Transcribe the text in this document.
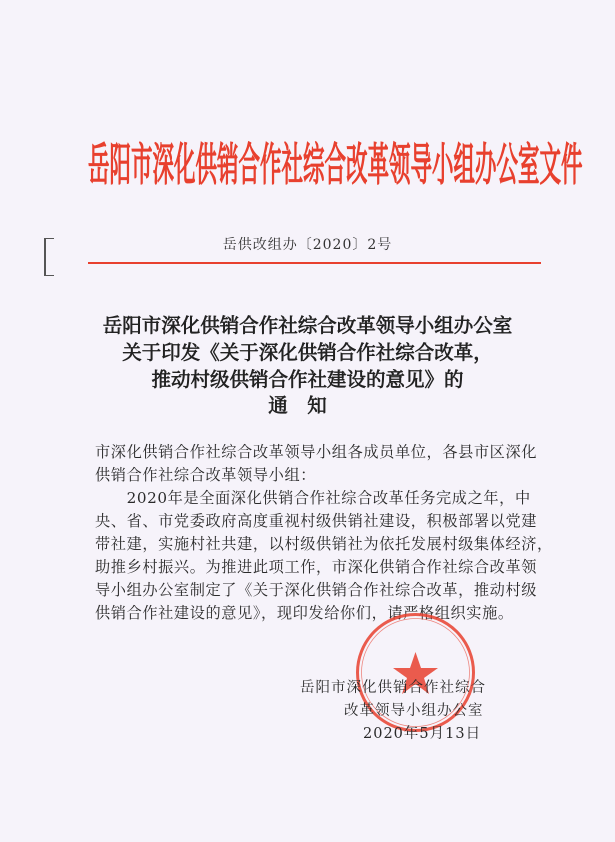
岳阳市深化供销合作社综合改革领导小组办公室文件
岳供改组办〔2020〕2号
岳阳市深化供销合作社综合改革领导小组办公室
关于印发《关于深化供销合作社综合改革，
推动村级供销合作社建设的意见》的
通　知
市深化供销合作社综合改革领导小组各成员单位，各县市区深化
供销合作社综合改革领导小组：
　　2020年是全面深化供销合作社综合改革任务完成之年，中
央、省、市党委政府高度重视村级供销社建设，积极部署以党建
带社建，实施村社共建，以村级供销社为依托发展村级集体经济，
助推乡村振兴。为推进此项工作，市深化供销合作社综合改革领
导小组办公室制定了《关于深化供销合作社综合改革，推动村级
供销合作社建设的意见》，现印发给你们，请严格组织实施。
岳阳市深化供销合作社综合
改革领导小组办公室
2020年5月13日
